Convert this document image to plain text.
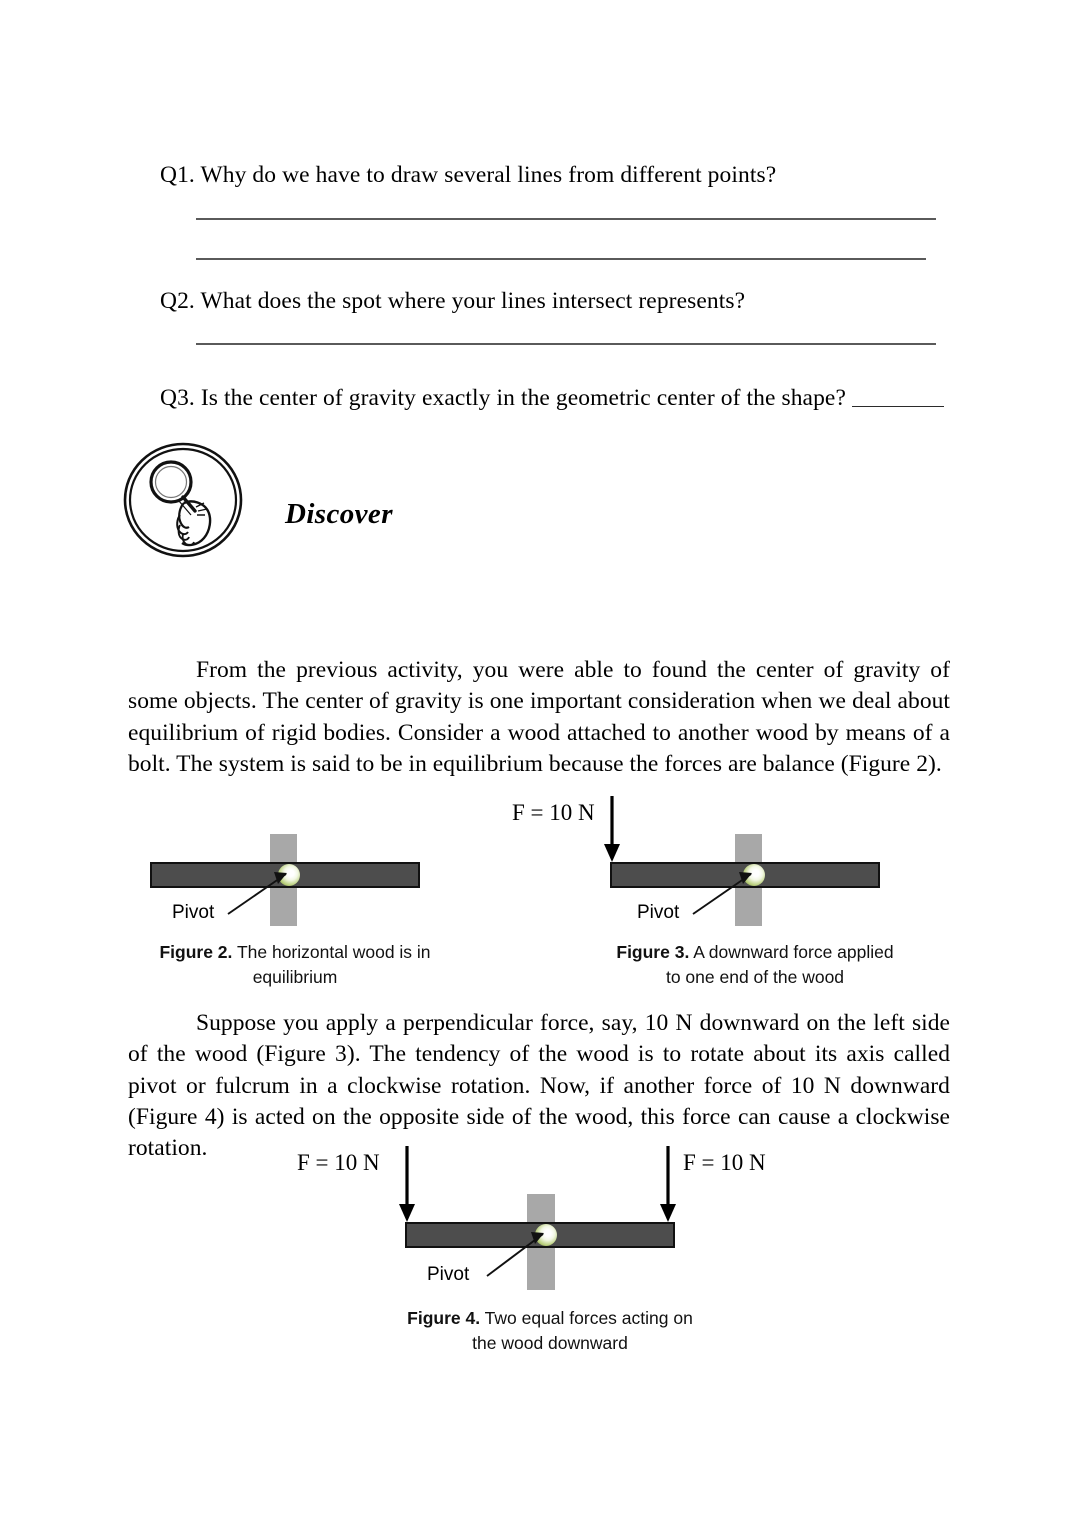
Q1. Why do we have to draw several lines from different points?
Q2. What does the spot where your lines intersect represents?
Q3. Is the center of gravity exactly in the geometric center of the shape?
Discover
From the previous activity, you were able to found the center of gravity of some objects. The center of gravity is one important consideration when we deal about equilibrium of rigid bodies. Consider a wood attached to another wood by means of a bolt. The system is said to be in equilibrium because the forces are balance (Figure 2).
Pivot
Figure 2. The horizontal wood is in equilibrium
F = 10 N
Pivot
Figure 3. A downward force applied to one end of the wood
Suppose you apply a perpendicular force, say, 10 N downward on the left side of the wood (Figure 3). The tendency of the wood is to rotate about its axis called pivot or fulcrum in a clockwise rotation. Now, if another force of 10 N downward (Figure 4) is acted on the opposite side of the wood, this force can cause a clockwise rotation.
F = 10 N	F = 10 N
Pivot
Figure 4. Two equal forces acting on the wood downward
